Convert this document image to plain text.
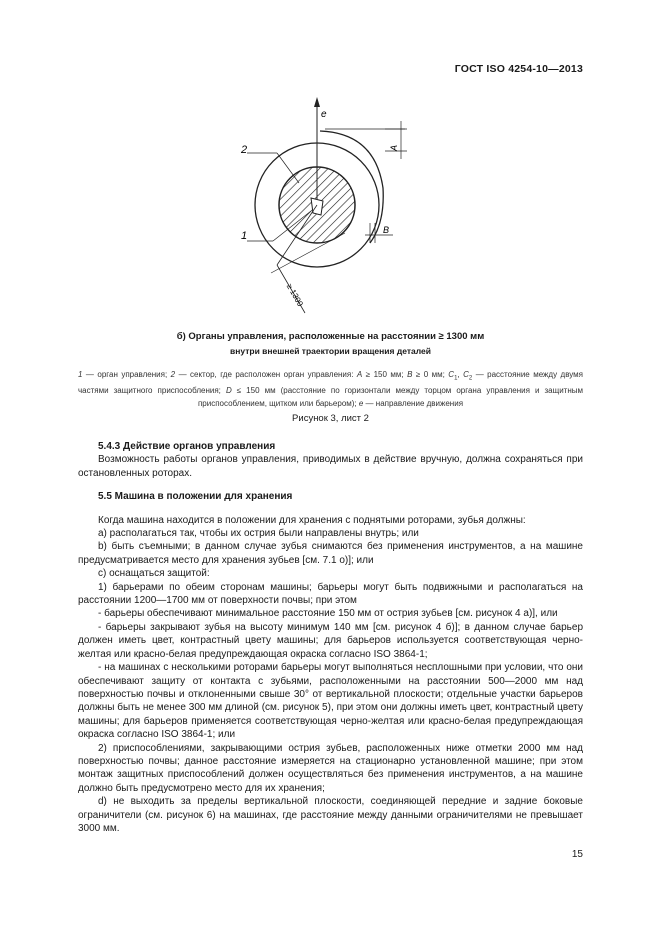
ГОСТ ISO 4254-10—2013
e
A
B
≥ 1300
2
1
б) Органы управления, расположенные на расстоянии ≥ 1300 мм
внутри внешней траектории вращения деталей
1 — орган управления; 2 — сектор, где расположен орган управления: A ≥ 150 мм; B ≥ 0 мм; $C_1$, $C_2$ — расстояние между двумя частями защитного приспособления; D ≤ 150 мм (расстояние по горизонтали между торцом органа управления и защитным приспособлением, щитком или барьером); e — направление движения
Рисунок 3, лист 2

5.4.3 Действие органов управления

Возможность работы органов управления, приводимых в действие вручную, должна сохраняться при остановленных роторах.

5.5 Машина в положении для хранения

Когда машина находится в положении для хранения с поднятыми роторами, зубья должны:

a) располагаться так, чтобы их острия были направлены внутрь; или

b) быть съемными; в данном случае зубья снимаются без применения инструментов, а на машине предусматривается место для хранения зубьев [см. 7.1 о)]; или

c) оснащаться защитой:

1) барьерами по обеим сторонам машины; барьеры могут быть подвижными и располагаться на расстоянии 1200—1700 мм от поверхности почвы; при этом

- барьеры обеспечивают минимальное расстояние 150 мм от острия зубьев [см. рисунок 4 а)], или

- барьеры закрывают зубья на высоту минимум 140 мм [см. рисунок 4 б)]; в данном случае барьер должен иметь цвет, контрастный цвету машины; для барьеров используется соответствующая черно-желтая или красно-белая предупреждающая окраска согласно ISO 3864-1;

- на машинах с несколькими роторами барьеры могут выполняться несплошными при условии, что они обеспечивают защиту от контакта с зубьями, расположенными на расстоянии 500—2000 мм над поверхностью почвы и отклоненными свыше 30° от вертикальной плоскости; отдельные участки барьеров должны быть не менее 300 мм длиной (см. рисунок 5), при этом они должны иметь цвет, контрастный цвету машины; для барьеров применяется соответствующая черно-желтая или красно-белая предупреждающая окраска согласно ISO 3864-1; или

2) приспособлениями, закрывающими острия зубьев, расположенных ниже отметки 2000 мм над поверхностью почвы; данное расстояние измеряется на стационарно установленной машине; при этом монтаж защитных приспособлений должен осуществляться без применения инструментов, а на машине должно быть предусмотрено место для их хранения;

d) не выходить за пределы вертикальной плоскости, соединяющей передние и задние боковые ограничители (см. рисунок 6) на машинах, где расстояние между данными ограничителями не превышает 3000 мм.

15
